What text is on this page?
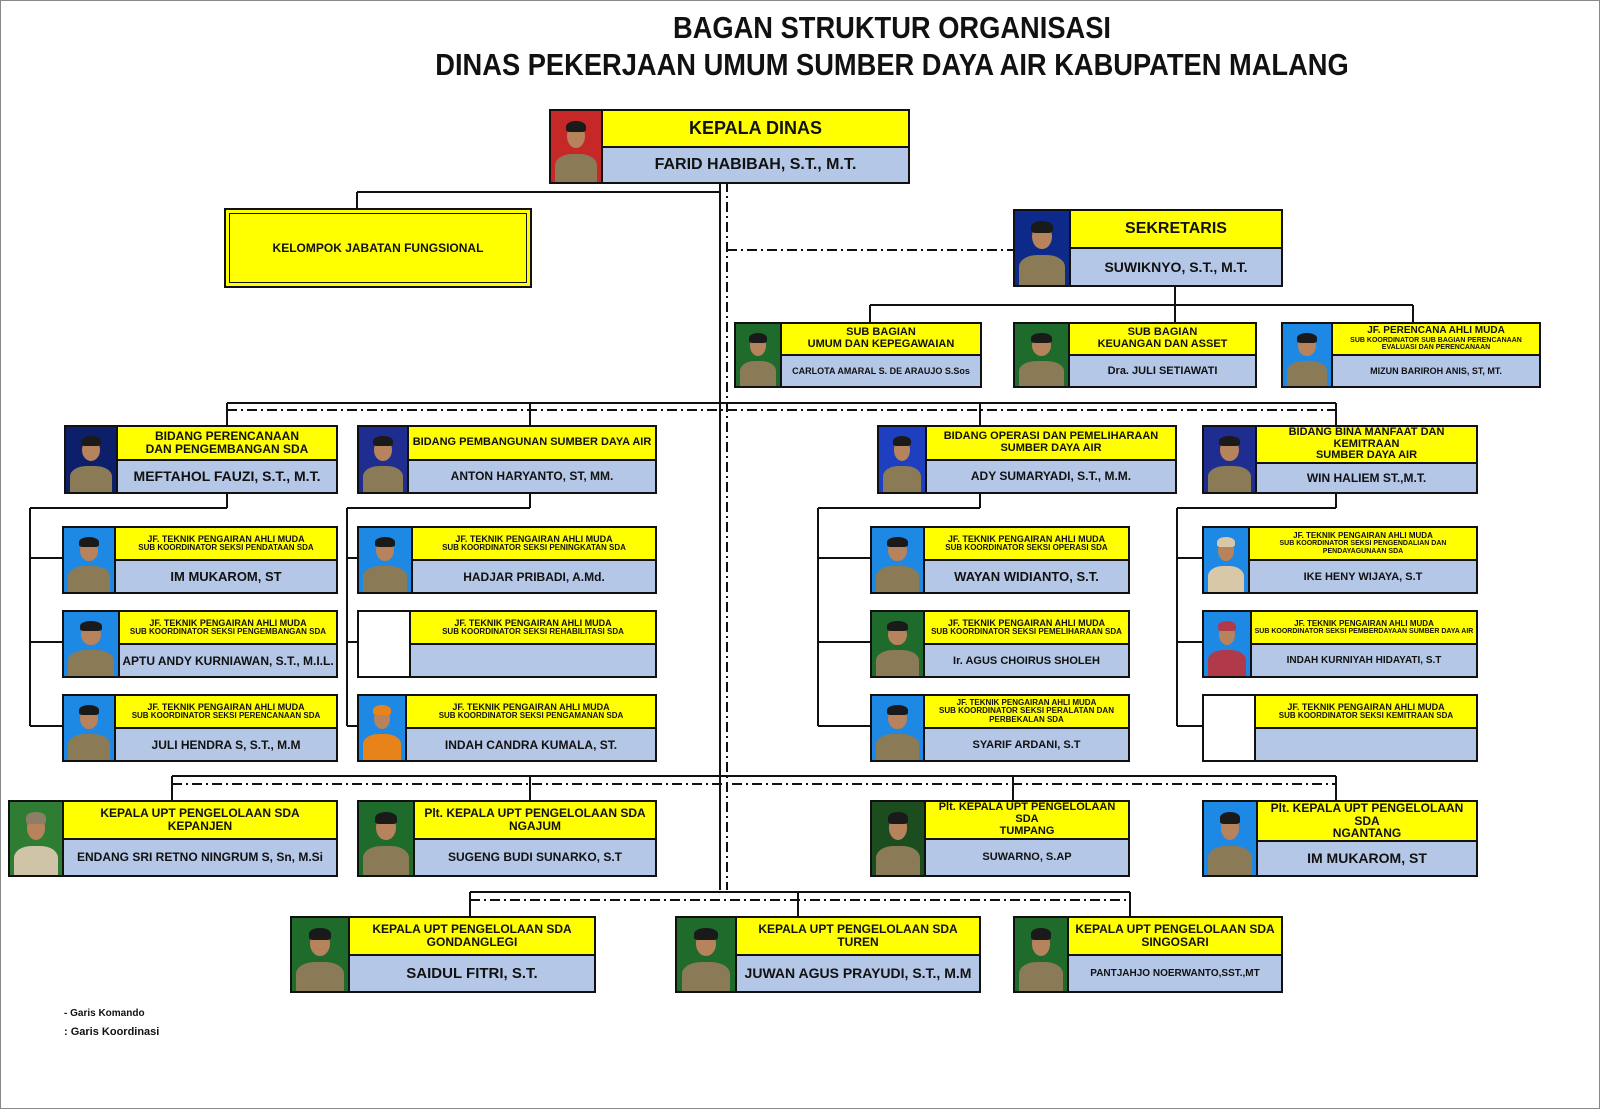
BAGAN STRUKTUR ORGANISASI
DINAS PEKERJAAN UMUM SUMBER DAYA AIR KABUPATEN MALANG
KEPALA DINAS
FARID HABIBAH, S.T., M.T.
KELOMPOK JABATAN FUNGSIONAL
SEKRETARIS
SUWIKNYO, S.T., M.T.
SUB BAGIAN
UMUM DAN KEPEGAWAIAN
CARLOTA AMARAL S. DE ARAUJO S.Sos
SUB BAGIAN
KEUANGAN DAN ASSET
Dra. JULI SETIAWATI
JF. PERENCANA AHLI MUDA
SUB KOORDINATOR SUB BAGIAN PERENCANAAN EVALUASI DAN PERENCANAAN
MIZUN BARIROH ANIS, ST, MT.
BIDANG PERENCANAAN
DAN PENGEMBANGAN SDA
MEFTAHOL FAUZI, S.T., M.T.
BIDANG PEMBANGUNAN SUMBER DAYA AIR
ANTON HARYANTO, ST, MM.
BIDANG OPERASI DAN PEMELIHARAAN
SUMBER DAYA AIR
ADY SUMARYADI, S.T., M.M.
BIDANG BINA MANFAAT DAN KEMITRAAN
SUMBER DAYA AIR
WIN HALIEM ST.,M.T.
JF. TEKNIK PENGAIRAN AHLI MUDA
SUB KOORDINATOR SEKSI PENDATAAN SDA
IM MUKAROM, ST
JF. TEKNIK PENGAIRAN AHLI MUDA
SUB KOORDINATOR SEKSI PENGEMBANGAN SDA
APTU ANDY KURNIAWAN, S.T., M.I.L.
JF. TEKNIK PENGAIRAN AHLI MUDA
SUB KOORDINATOR SEKSI PERENCANAAN SDA
JULI HENDRA S, S.T., M.M
JF. TEKNIK PENGAIRAN AHLI MUDA
SUB KOORDINATOR SEKSI PENINGKATAN SDA
HADJAR PRIBADI, A.Md.
JF. TEKNIK PENGAIRAN AHLI MUDA
SUB KOORDINATOR SEKSI REHABILITASI SDA
JF. TEKNIK PENGAIRAN AHLI MUDA
SUB KOORDINATOR SEKSI PENGAMANAN SDA
INDAH CANDRA KUMALA, ST.
JF. TEKNIK PENGAIRAN AHLI MUDA
SUB KOORDINATOR SEKSI OPERASI SDA
WAYAN WIDIANTO, S.T.
JF. TEKNIK PENGAIRAN AHLI MUDA
SUB KOORDINATOR SEKSI PEMELIHARAAN SDA
Ir. AGUS CHOIRUS SHOLEH
JF. TEKNIK PENGAIRAN AHLI MUDA
SUB KOORDINATOR SEKSI PERALATAN DAN PERBEKALAN SDA
SYARIF ARDANI, S.T
JF. TEKNIK PENGAIRAN AHLI MUDA
SUB KOORDINATOR SEKSI PENGENDALIAN DAN PENDAYAGUNAAN SDA
IKE HENY WIJAYA, S.T
JF. TEKNIK PENGAIRAN AHLI MUDA
SUB KOORDINATOR SEKSI PEMBERDAYAAN SUMBER DAYA AIR
INDAH KURNIYAH HIDAYATI, S.T
JF. TEKNIK PENGAIRAN AHLI MUDA
SUB KOORDINATOR SEKSI KEMITRAAN SDA
KEPALA UPT PENGELOLAAN SDA
KEPANJEN
ENDANG SRI RETNO NINGRUM S, Sn, M.Si
Plt. KEPALA UPT PENGELOLAAN SDA
NGAJUM
SUGENG BUDI SUNARKO, S.T
Plt. KEPALA UPT PENGELOLAAN SDA
TUMPANG
SUWARNO, S.AP
Plt. KEPALA UPT PENGELOLAAN SDA
NGANTANG
IM MUKAROM, ST
KEPALA UPT PENGELOLAAN SDA
GONDANGLEGI
SAIDUL FITRI, S.T.
KEPALA UPT PENGELOLAAN SDA
TUREN
JUWAN AGUS PRAYUDI, S.T., M.M
KEPALA UPT PENGELOLAAN SDA
SINGOSARI
PANTJAHJO NOERWANTO,SST.,MT
- Garis Komando
: Garis Koordinasi
